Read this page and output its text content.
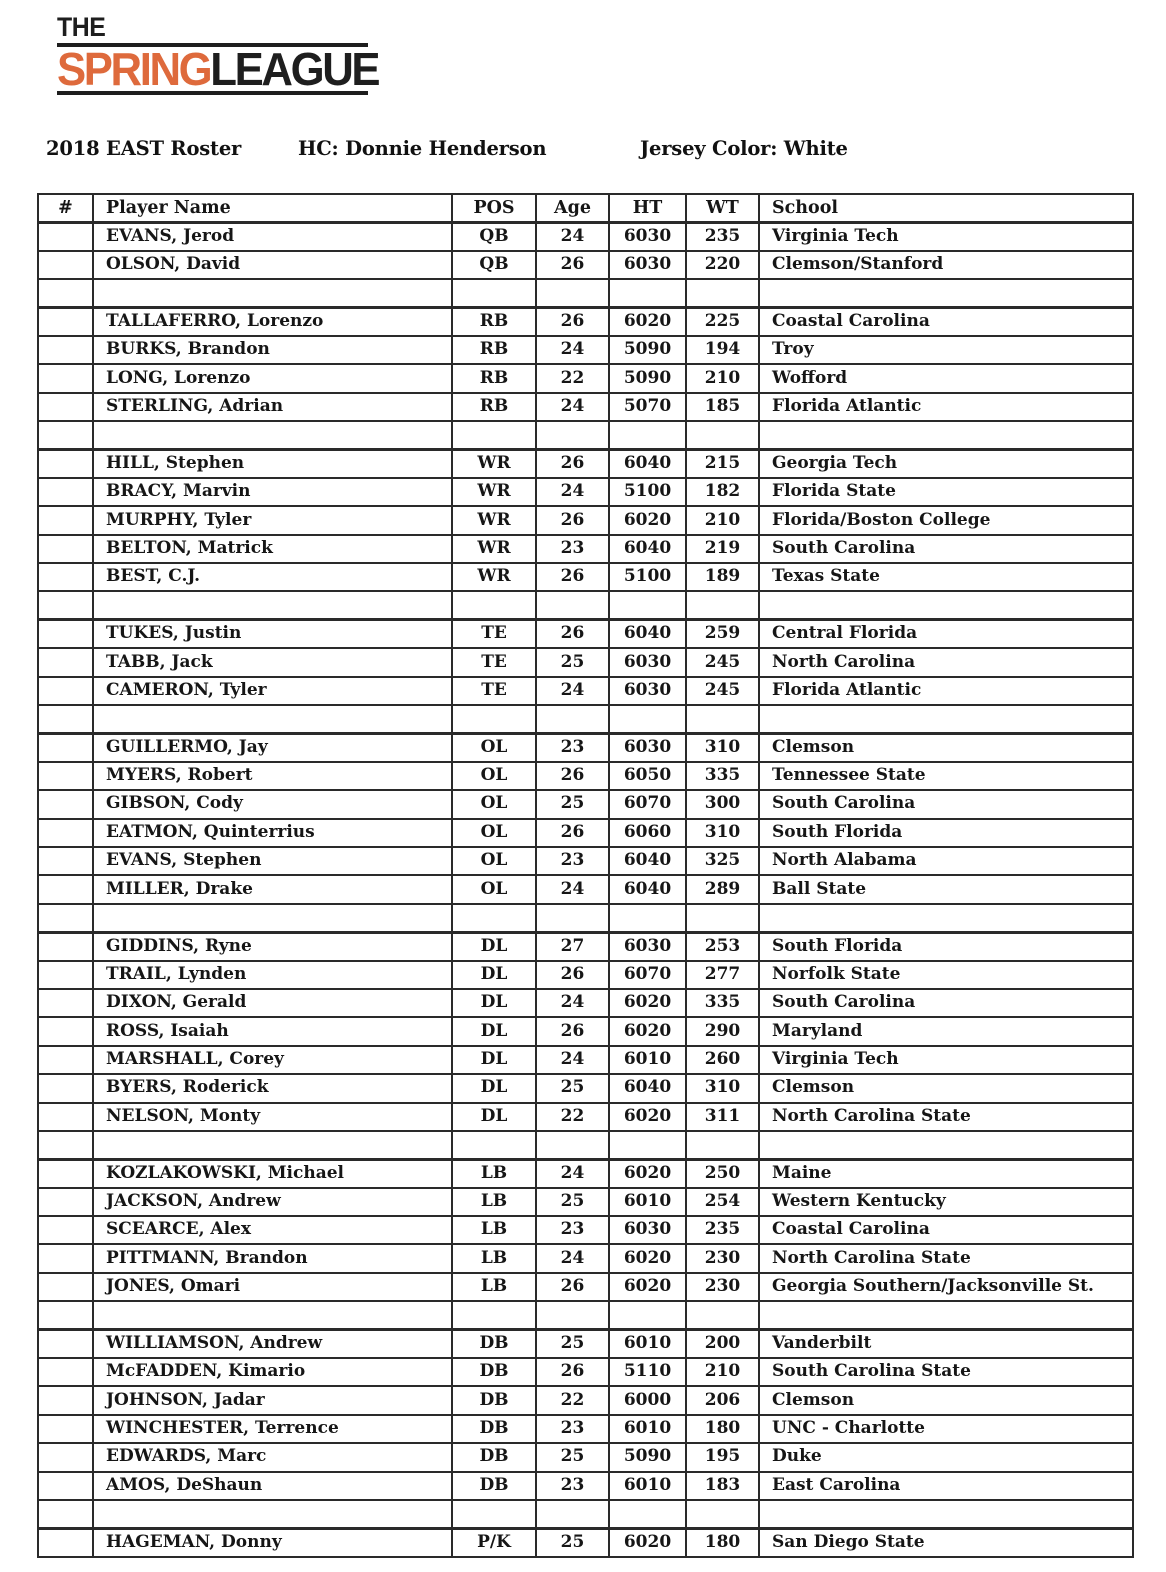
THE
SPRINGLEAGUE
2018 EAST Roster	HC: Donnie Henderson	Jersey Color: White
#	Player Name	POS	Age	HT	WT	School
	EVANS, Jerod	QB	24	6030	235	Virginia Tech
	OLSON, David	QB	26	6030	220	Clemson/Stanford

	TALLAFERRO, Lorenzo	RB	26	6020	225	Coastal Carolina
	BURKS, Brandon	RB	24	5090	194	Troy
	LONG, Lorenzo	RB	22	5090	210	Wofford
	STERLING, Adrian	RB	24	5070	185	Florida Atlantic

	HILL, Stephen	WR	26	6040	215	Georgia Tech
	BRACY, Marvin	WR	24	5100	182	Florida State
	MURPHY, Tyler	WR	26	6020	210	Florida/Boston College
	BELTON, Matrick	WR	23	6040	219	South Carolina
	BEST, C.J.	WR	26	5100	189	Texas State

	TUKES, Justin	TE	26	6040	259	Central Florida
	TABB, Jack	TE	25	6030	245	North Carolina
	CAMERON, Tyler	TE	24	6030	245	Florida Atlantic

	GUILLERMO, Jay	OL	23	6030	310	Clemson
	MYERS, Robert	OL	26	6050	335	Tennessee State
	GIBSON, Cody	OL	25	6070	300	South Carolina
	EATMON, Quinterrius	OL	26	6060	310	South Florida
	EVANS, Stephen	OL	23	6040	325	North Alabama
	MILLER, Drake	OL	24	6040	289	Ball State

	GIDDINS, Ryne	DL	27	6030	253	South Florida
	TRAIL, Lynden	DL	26	6070	277	Norfolk State
	DIXON, Gerald	DL	24	6020	335	South Carolina
	ROSS, Isaiah	DL	26	6020	290	Maryland
	MARSHALL, Corey	DL	24	6010	260	Virginia Tech
	BYERS, Roderick	DL	25	6040	310	Clemson
	NELSON, Monty	DL	22	6020	311	North Carolina State

	KOZLAKOWSKI, Michael	LB	24	6020	250	Maine
	JACKSON, Andrew	LB	25	6010	254	Western Kentucky
	SCEARCE, Alex	LB	23	6030	235	Coastal Carolina
	PITTMANN, Brandon	LB	24	6020	230	North Carolina State
	JONES, Omari	LB	26	6020	230	Georgia Southern/Jacksonville St.

	WILLIAMSON, Andrew	DB	25	6010	200	Vanderbilt
	McFADDEN, Kimario	DB	26	5110	210	South Carolina State
	JOHNSON, Jadar	DB	22	6000	206	Clemson
	WINCHESTER, Terrence	DB	23	6010	180	UNC - Charlotte
	EDWARDS, Marc	DB	25	5090	195	Duke
	AMOS, DeShaun	DB	23	6010	183	East Carolina

	HAGEMAN, Donny	P/K	25	6020	180	San Diego State
